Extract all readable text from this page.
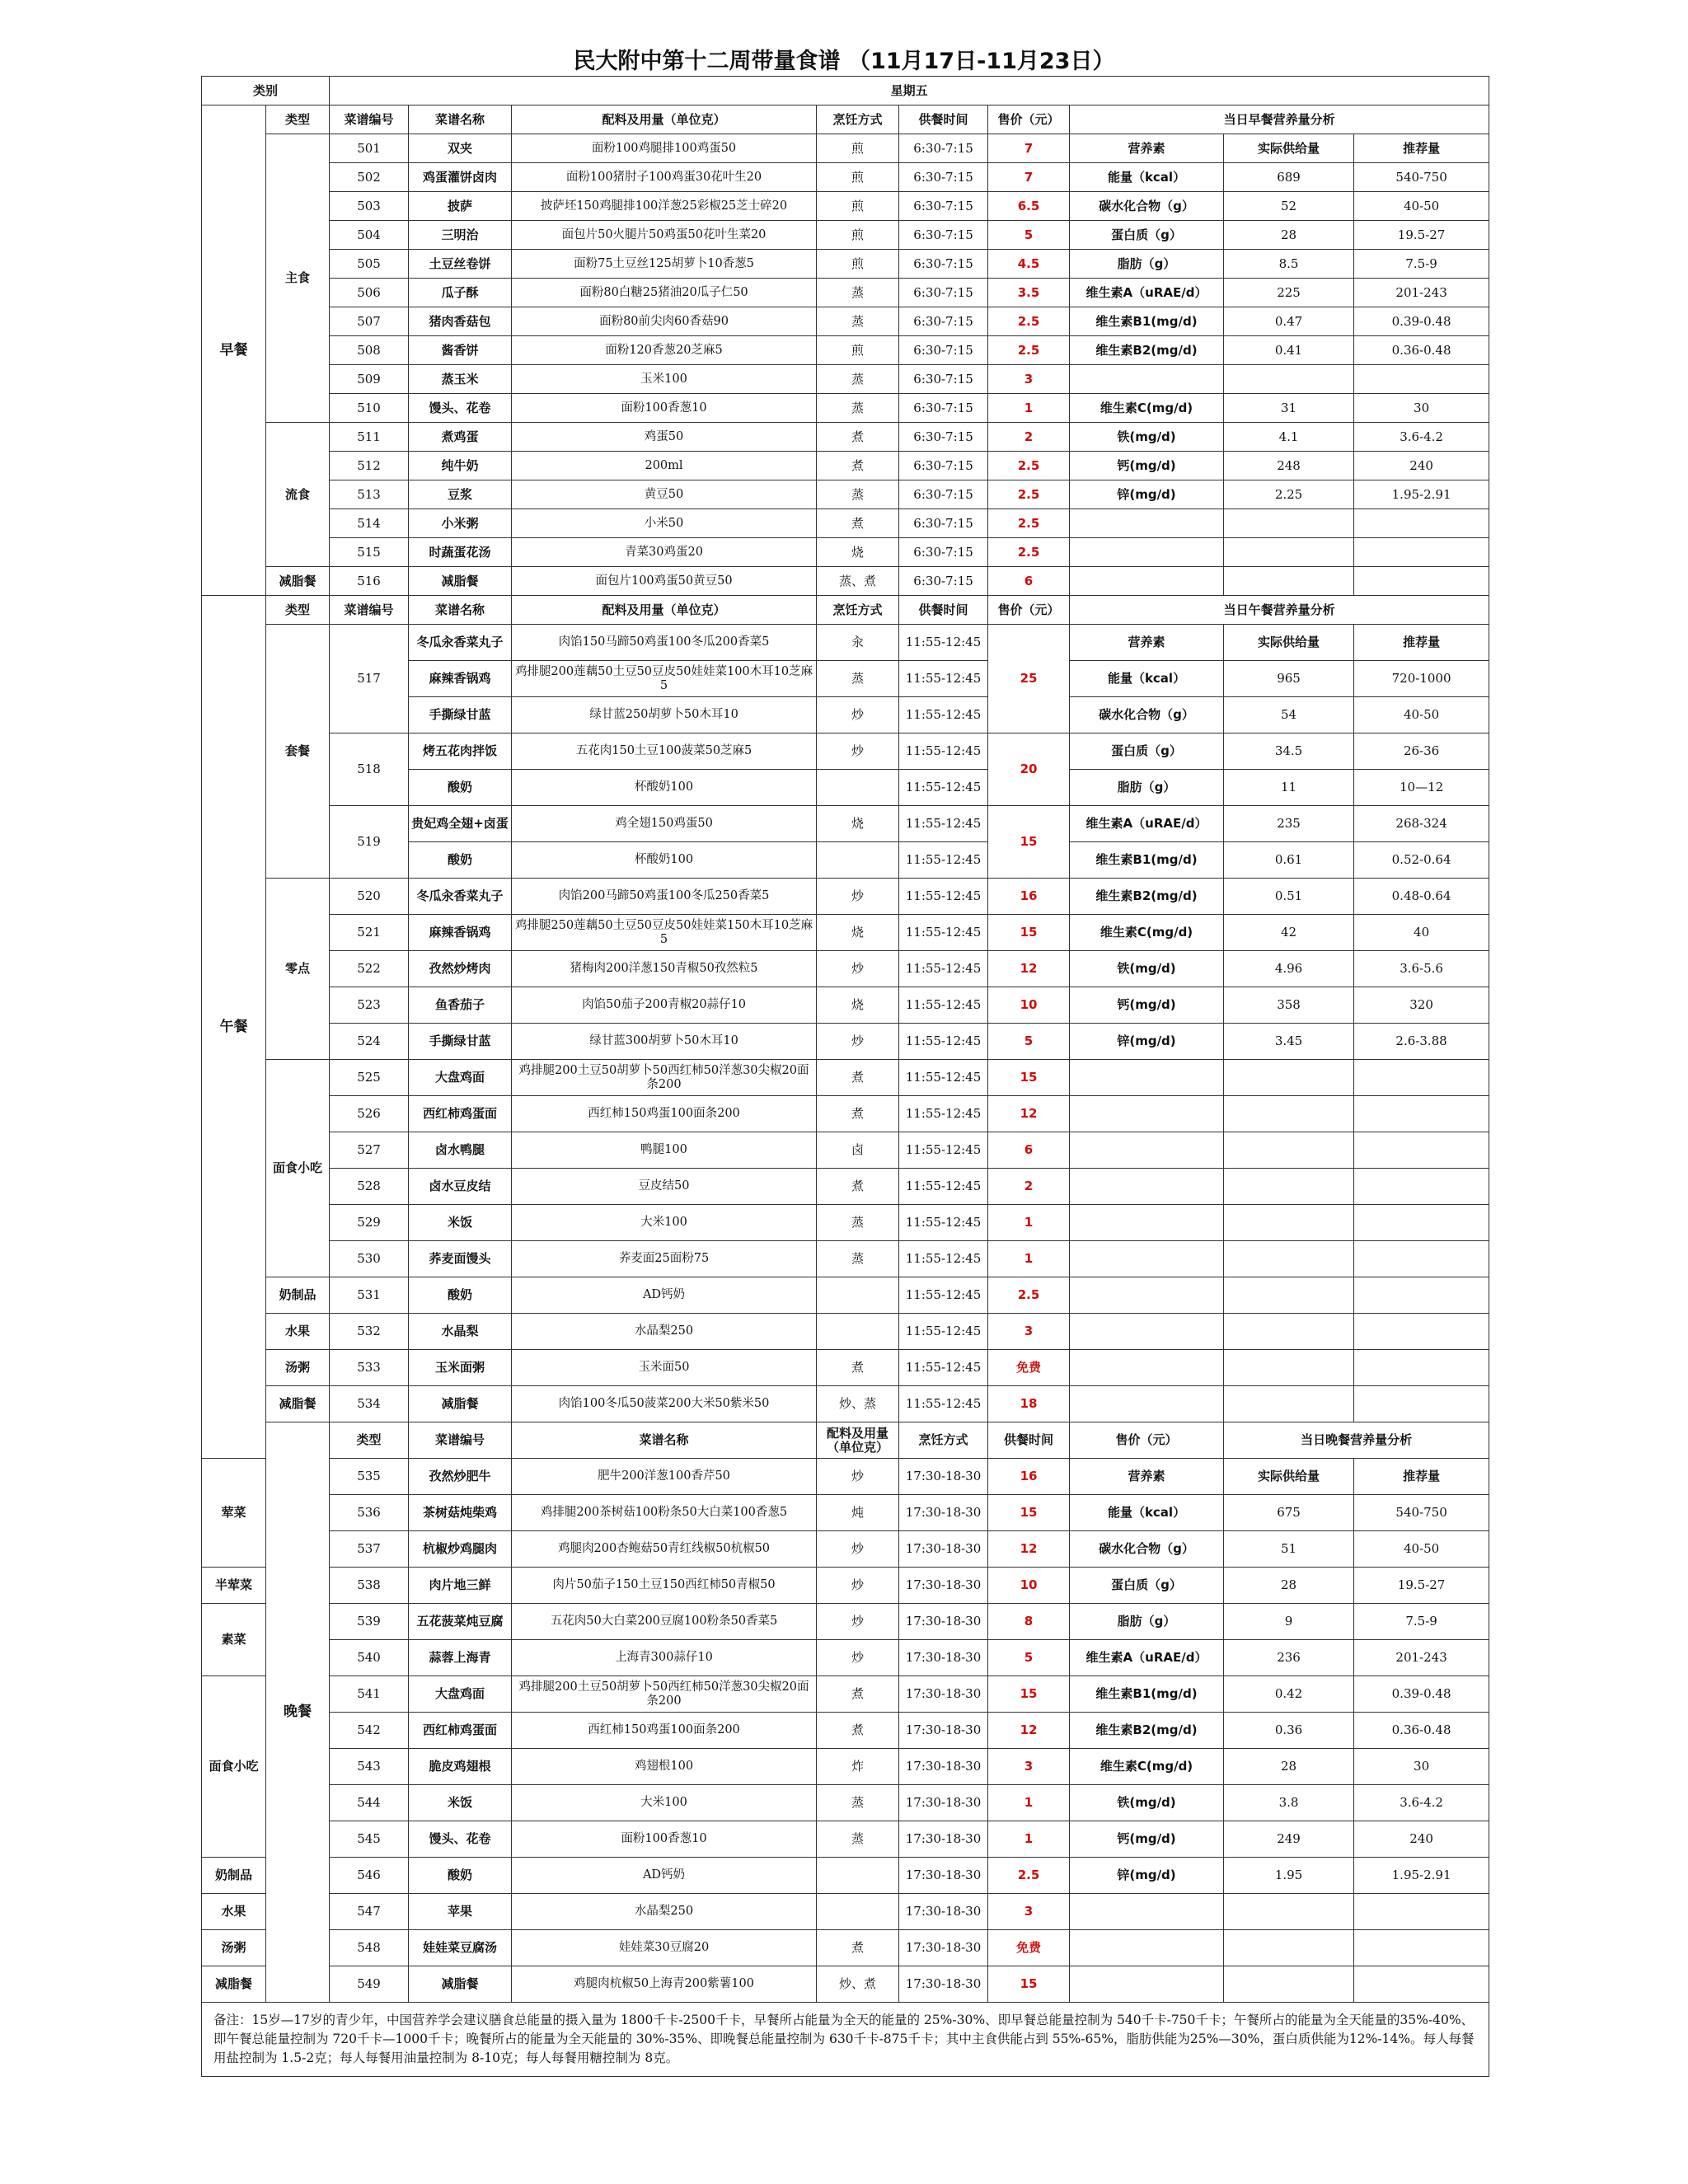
民大附中第十二周带量食谱 （11月17日-11月23日）
类别		星期五								
早餐	类型	菜谱编号	菜谱名称	配料及用量（单位克）	烹饪方式	供餐时间	售价（元）	当日早餐营养量分析		
	主食	501	双夹	面粉100鸡腿排100鸡蛋50	煎	6:30-7:15	7	营养素	实际供给量	推荐量
		502	鸡蛋灌饼卤肉	面粉100猪肘子100鸡蛋30花叶生20	煎	6:30-7:15	7	能量（kcal）	689	540-750
		503	披萨	披萨坯150鸡腿排100洋葱25彩椒25芝士碎20	煎	6:30-7:15	6.5	碳水化合物（g）	52	40-50
		504	三明治	面包片50火腿片50鸡蛋50花叶生菜20	煎	6:30-7:15	5	蛋白质（g）	28	19.5-27
		505	土豆丝卷饼	面粉75土豆丝125胡萝卜10香葱5	煎	6:30-7:15	4.5	脂肪（g）	8.5	7.5-9
		506	瓜子酥	面粉80白糖25猪油20瓜子仁50	蒸	6:30-7:15	3.5	维生素A（uRAE/d）	225	201-243
		507	猪肉香菇包	面粉80前尖肉60香菇90	蒸	6:30-7:15	2.5	维生素B1(mg/d)	0.47	0.39-0.48
		508	酱香饼	面粉120香葱20芝麻5	煎	6:30-7:15	2.5	维生素B2(mg/d)	0.41	0.36-0.48
		509	蒸玉米	玉米100	蒸	6:30-7:15	3			
		510	馒头、花卷	面粉100香葱10	蒸	6:30-7:15	1	维生素C(mg/d)	31	30
	流食	511	煮鸡蛋	鸡蛋50	煮	6:30-7:15	2	铁(mg/d)	4.1	3.6-4.2
		512	纯牛奶	200ml	煮	6:30-7:15	2.5	钙(mg/d)	248	240
		513	豆浆	黄豆50	蒸	6:30-7:15	2.5	锌(mg/d)	2.25	1.95-2.91
		514	小米粥	小米50	煮	6:30-7:15	2.5			
		515	时蔬蛋花汤	青菜30鸡蛋20	烧	6:30-7:15	2.5			
	减脂餐	516	减脂餐	面包片100鸡蛋50黄豆50	蒸、煮	6:30-7:15	6			
午餐	类型	菜谱编号	菜谱名称	配料及用量（单位克）	烹饪方式	供餐时间	售价（元）	当日午餐营养量分析		
	套餐	517	冬瓜汆香菜丸子	肉馅150马蹄50鸡蛋100冬瓜200香菜5	汆	11:55-12:45	25	营养素	实际供给量	推荐量
			麻辣香锅鸡	鸡排腿200莲藕50土豆50豆皮50娃娃菜100木耳10芝麻5	蒸	11:55-12:45		能量（kcal）	965	720-1000
			手撕绿甘蓝	绿甘蓝250胡萝卜50木耳10	炒	11:55-12:45		碳水化合物（g）	54	40-50
		518	烤五花肉拌饭	五花肉150土豆100菠菜50芝麻5	炒	11:55-12:45	20	蛋白质（g）	34.5	26-36
			酸奶	杯酸奶100		11:55-12:45		脂肪（g）	11	10—12
		519	贵妃鸡全翅+卤蛋	鸡全翅150鸡蛋50	烧	11:55-12:45	15	维生素A（uRAE/d）	235	268-324
			酸奶	杯酸奶100		11:55-12:45		维生素B1(mg/d)	0.61	0.52-0.64
	零点	520	冬瓜汆香菜丸子	肉馅200马蹄50鸡蛋100冬瓜250香菜5	炒	11:55-12:45	16	维生素B2(mg/d)	0.51	0.48-0.64
		521	麻辣香锅鸡	鸡排腿250莲藕50土豆50豆皮50娃娃菜150木耳10芝麻5	烧	11:55-12:45	15	维生素C(mg/d)	42	40
		522	孜然炒烤肉	猪梅肉200洋葱150青椒50孜然粒5	炒	11:55-12:45	12	铁(mg/d)	4.96	3.6-5.6
		523	鱼香茄子	肉馅50茄子200青椒20蒜仔10	烧	11:55-12:45	10	钙(mg/d)	358	320
		524	手撕绿甘蓝	绿甘蓝300胡萝卜50木耳10	炒	11:55-12:45	5	锌(mg/d)	3.45	2.6-3.88
	面食小吃	525	大盘鸡面	鸡排腿200土豆50胡萝卜50西红柿50洋葱30尖椒20面条200	煮	11:55-12:45	15			
		526	西红柿鸡蛋面	西红柿150鸡蛋100面条200	煮	11:55-12:45	12			
		527	卤水鸭腿	鸭腿100	卤	11:55-12:45	6			
		528	卤水豆皮结	豆皮结50	煮	11:55-12:45	2			
		529	米饭	大米100	蒸	11:55-12:45	1			
		530	荞麦面馒头	荞麦面25面粉75	蒸	11:55-12:45	1			
	奶制品	531	酸奶	AD钙奶		11:55-12:45	2.5			
	水果	532	水晶梨	水晶梨250		11:55-12:45	3			
	汤粥	533	玉米面粥	玉米面50	煮	11:55-12:45	免费			
	减脂餐	534	减脂餐	肉馅100冬瓜50菠菜200大米50紫米50	炒、蒸	11:55-12:45	18			
	晚餐	类型	菜谱编号	菜谱名称	配料及用量（单位克）	烹饪方式	供餐时间	售价（元）	当日晚餐营养量分析	
荤菜		535	孜然炒肥牛	肥牛200洋葱100香芹50	炒	17:30-18-30	16	营养素	实际供给量	推荐量
		536	茶树菇炖柴鸡	鸡排腿200茶树菇100粉条50大白菜100香葱5	炖	17:30-18-30	15	能量（kcal）	675	540-750
		537	杭椒炒鸡腿肉	鸡腿肉200杏鲍菇50青红线椒50杭椒50	炒	17:30-18-30	12	碳水化合物（g）	51	40-50
半荤菜		538	肉片地三鲜	肉片50茄子150土豆150西红柿50青椒50	炒	17:30-18-30	10	蛋白质（g）	28	19.5-27
素菜		539	五花菠菜炖豆腐	五花肉50大白菜200豆腐100粉条50香菜5	炒	17:30-18-30	8	脂肪（g）	9	7.5-9
		540	蒜蓉上海青	上海青300蒜仔10	炒	17:30-18-30	5	维生素A（uRAE/d）	236	201-243
面食小吃		541	大盘鸡面	鸡排腿200土豆50胡萝卜50西红柿50洋葱30尖椒20面条200	煮	17:30-18-30	15	维生素B1(mg/d)	0.42	0.39-0.48
		542	西红柿鸡蛋面	西红柿150鸡蛋100面条200	煮	17:30-18-30	12	维生素B2(mg/d)	0.36	0.36-0.48
		543	脆皮鸡翅根	鸡翅根100	炸	17:30-18-30	3	维生素C(mg/d)	28	30
		544	米饭	大米100	蒸	17:30-18-30	1	铁(mg/d)	3.8	3.6-4.2
		545	馒头、花卷	面粉100香葱10	蒸	17:30-18-30	1	钙(mg/d)	249	240
奶制品		546	酸奶	AD钙奶		17:30-18-30	2.5	锌(mg/d)	1.95	1.95-2.91
水果		547	苹果	水晶梨250		17:30-18-30	3			
汤粥		548	娃娃菜豆腐汤	娃娃菜30豆腐20	煮	17:30-18-30	免费			
减脂餐		549	减脂餐	鸡腿肉杭椒50上海青200紫薯100	炒、煮	17:30-18-30	15			
备注：15岁—17岁的青少年，中国营养学会建议膳食总能量的摄入量为 1800千卡-2500千卡，早餐所占能量为全天的能量的 25%-30%、即早餐总能量控制为 540千卡-750千卡；午餐所占的能量为全天能量的35%-40%、即午餐总能量控制为 720千卡—1000千卡；晚餐所占的能量为全天能量的 30%-35%、即晚餐总能量控制为 630千卡-875千卡；其中主食供能占到 55%-65%，脂肪供能为25%—30%，蛋白质供能为12%-14%。每人每餐用盐控制为 1.5-2克；每人每餐用油量控制为 8-10克；每人每餐用糖控制为 8克。										
